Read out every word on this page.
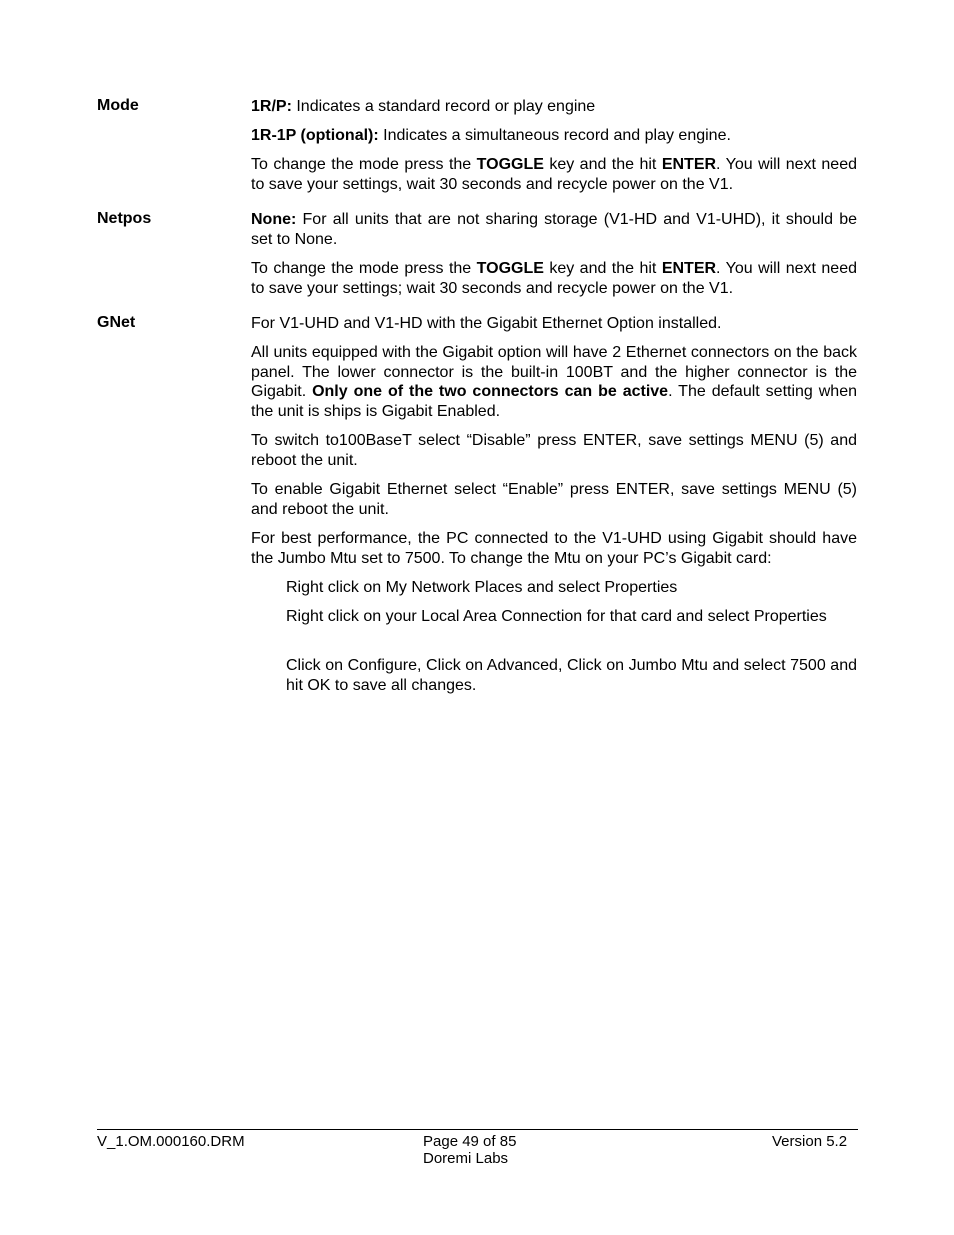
Mode	1R/P: Indicates a standard record or play engine

1R-1P (optional): Indicates a simultaneous record and play engine.

To change the mode press the TOGGLE key and the hit ENTER. You will next need to save your settings, wait 30 seconds and recycle power on the V1.

Netpos	None: For all units that are not sharing storage (V1-HD and V1-UHD), it should be set to None.

To change the mode press the TOGGLE key and the hit ENTER. You will next need to save your settings; wait 30 seconds and recycle power on the V1.

GNet	For V1-UHD and V1-HD with the Gigabit Ethernet Option installed.

All units equipped with the Gigabit option will have 2 Ethernet connectors on the back panel. The lower connector is the built-in 100BT and the higher connector is the Gigabit. Only one of the two connectors can be active. The default setting when the unit is ships is Gigabit Enabled.

To switch to100BaseT select “Disable” press ENTER, save settings MENU (5) and reboot the unit.

To enable Gigabit Ethernet select “Enable” press ENTER, save settings MENU (5) and reboot the unit.

For best performance, the PC connected to the V1-UHD using Gigabit should have the Jumbo Mtu set to 7500. To change the Mtu on your PC’s Gigabit card:

Right click on My Network Places and select Properties

Right click on your Local Area Connection for that card and select Properties

Click on Configure, Click on Advanced, Click on Jumbo Mtu and select 7500 and hit OK to save all changes.

V_1.OM.000160.DRM	Page 49 of 85
Doremi Labs
Version 5.2
